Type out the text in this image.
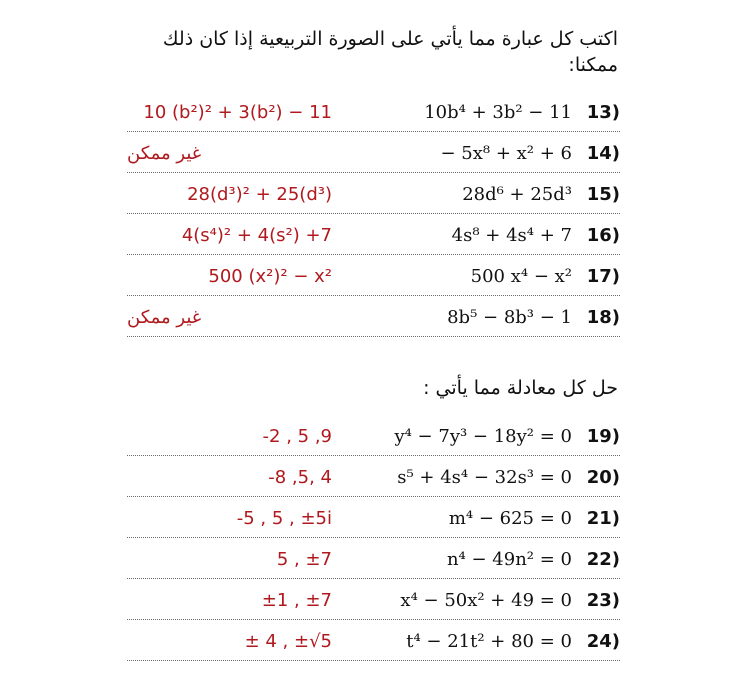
اكتب كل عبارة مما يأتي على الصورة التربيعية إذا كان ذلك ممكنا:
13)
10b⁴ + 3b² − 11
10 (b²)² + 3(b²) − 11
14)
− 5x⁸ + x² + 6
غير ممكن
15)
28d⁶ + 25d³
28(d³)² + 25(d³)
16)
4s⁸ + 4s⁴ + 7
4(s⁴)² + 4(s²) +7
17)
500 x⁴ − x²
500 (x²)² − x²
18)
8b⁵ − 8b³ − 1
غير ممكن
حل كل معادلة مما يأتي :
19)
y⁴ − 7y³ − 18y² = 0
-2 , 5 ,9
20)
s⁵ + 4s⁴ − 32s³ = 0
-8 ,5, 4
21)
m⁴ − 625 = 0
-5 , 5 , ±5i
22)
n⁴ − 49n² = 0
5 , ±7
23)
x⁴ − 50x² + 49 = 0
±1 , ±7
24)
t⁴ − 21t² + 80 = 0
± 4 , ±√5
